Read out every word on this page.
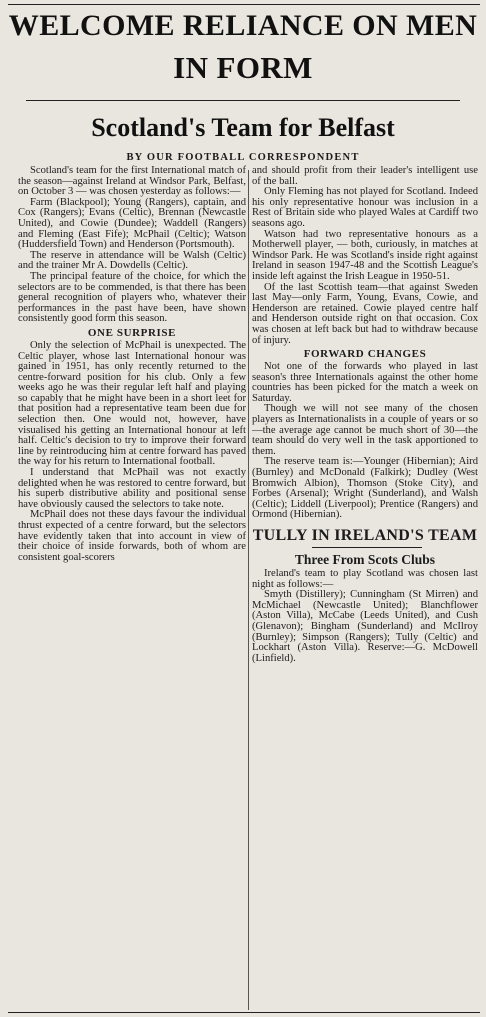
WELCOME RELIANCE ON MEN
IN FORM
Scotland's Team for Belfast
BY OUR FOOTBALL CORRESPONDENT

Scotland's team for the first International match of the season—against Ireland at Windsor Park, Belfast, on October 3 — was chosen yesterday as follows:—

Farm (Blackpool); Young (Rangers), captain, and Cox (Rangers); Evans (Celtic), Brennan (Newcastle United), and Cowie (Dundee); Waddell (Rangers) and Fleming (East Fife); McPhail (Celtic); Watson (Huddersfield Town) and Henderson (Portsmouth).

The reserve in attendance will be Walsh (Celtic) and the trainer Mr A. Dowdells (Celtic).

The principal feature of the choice, for which the selectors are to be commended, is that there has been general recognition of players who, whatever their performances in the past have been, have shown consistently good form this season.

ONE SURPRISE

Only the selection of McPhail is unexpected. The Celtic player, whose last International honour was gained in 1951, has only recently returned to the centre-forward position for his club. Only a few weeks ago he was their regular left half and playing so capably that he might have been in a short leet for that position had a representative team been due for selection then. One would not, however, have visualised his getting an International honour at left half. Celtic's decision to try to improve their forward line by reintroducing him at centre forward has paved the way for his return to International football.

I understand that McPhail was not exactly delighted when he was restored to centre forward, but his superb distributive ability and positional sense have obviously caused the selectors to take note.

McPhail does not these days favour the individual thrust expected of a centre forward, but the selectors have evidently taken that into account in view of their choice of inside forwards, both of whom are consistent goal-scorers

and should profit from their leader's intelligent use of the ball.

Only Fleming has not played for Scotland. Indeed his only representative honour was inclusion in a Rest of Britain side who played Wales at Cardiff two seasons ago.

Watson had two representative honours as a Motherwell player, — both, curiously, in matches at Windsor Park. He was Scotland's inside right against Ireland in season 1947-48 and the Scottish League's inside left against the Irish League in 1950-51.

Of the last Scottish team—that against Sweden last May—only Farm, Young, Evans, Cowie, and Henderson are retained. Cowie played centre half and Henderson outside right on that occasion. Cox was chosen at left back but had to withdraw because of injury.

FORWARD CHANGES

Not one of the forwards who played in last season's three Internationals against the other home countries has been picked for the match a week on Saturday.

Though we will not see many of the chosen players as Internationalists in a couple of years or so—the average age cannot be much short of 30—the team should do very well in the task apportioned to them.

The reserve team is:—Younger (Hibernian); Aird (Burnley) and McDonald (Falkirk); Dudley (West Bromwich Albion), Thomson (Stoke City), and Forbes (Arsenal); Wright (Sunderland), and Walsh (Celtic); Liddell (Liverpool); Prentice (Rangers) and Ormond (Hibernian).

TULLY IN IRELAND'S TEAM
Three From Scots Clubs

Ireland's team to play Scotland was chosen last night as follows:—

Smyth (Distillery); Cunningham (St Mirren) and McMichael (Newcastle United); Blanchflower (Aston Villa), McCabe (Leeds United), and Cush (Glenavon); Bingham (Sunderland) and McIlroy (Burnley); Simpson (Rangers); Tully (Celtic) and Lockhart (Aston Villa). Reserve:—G. McDowell (Linfield).
